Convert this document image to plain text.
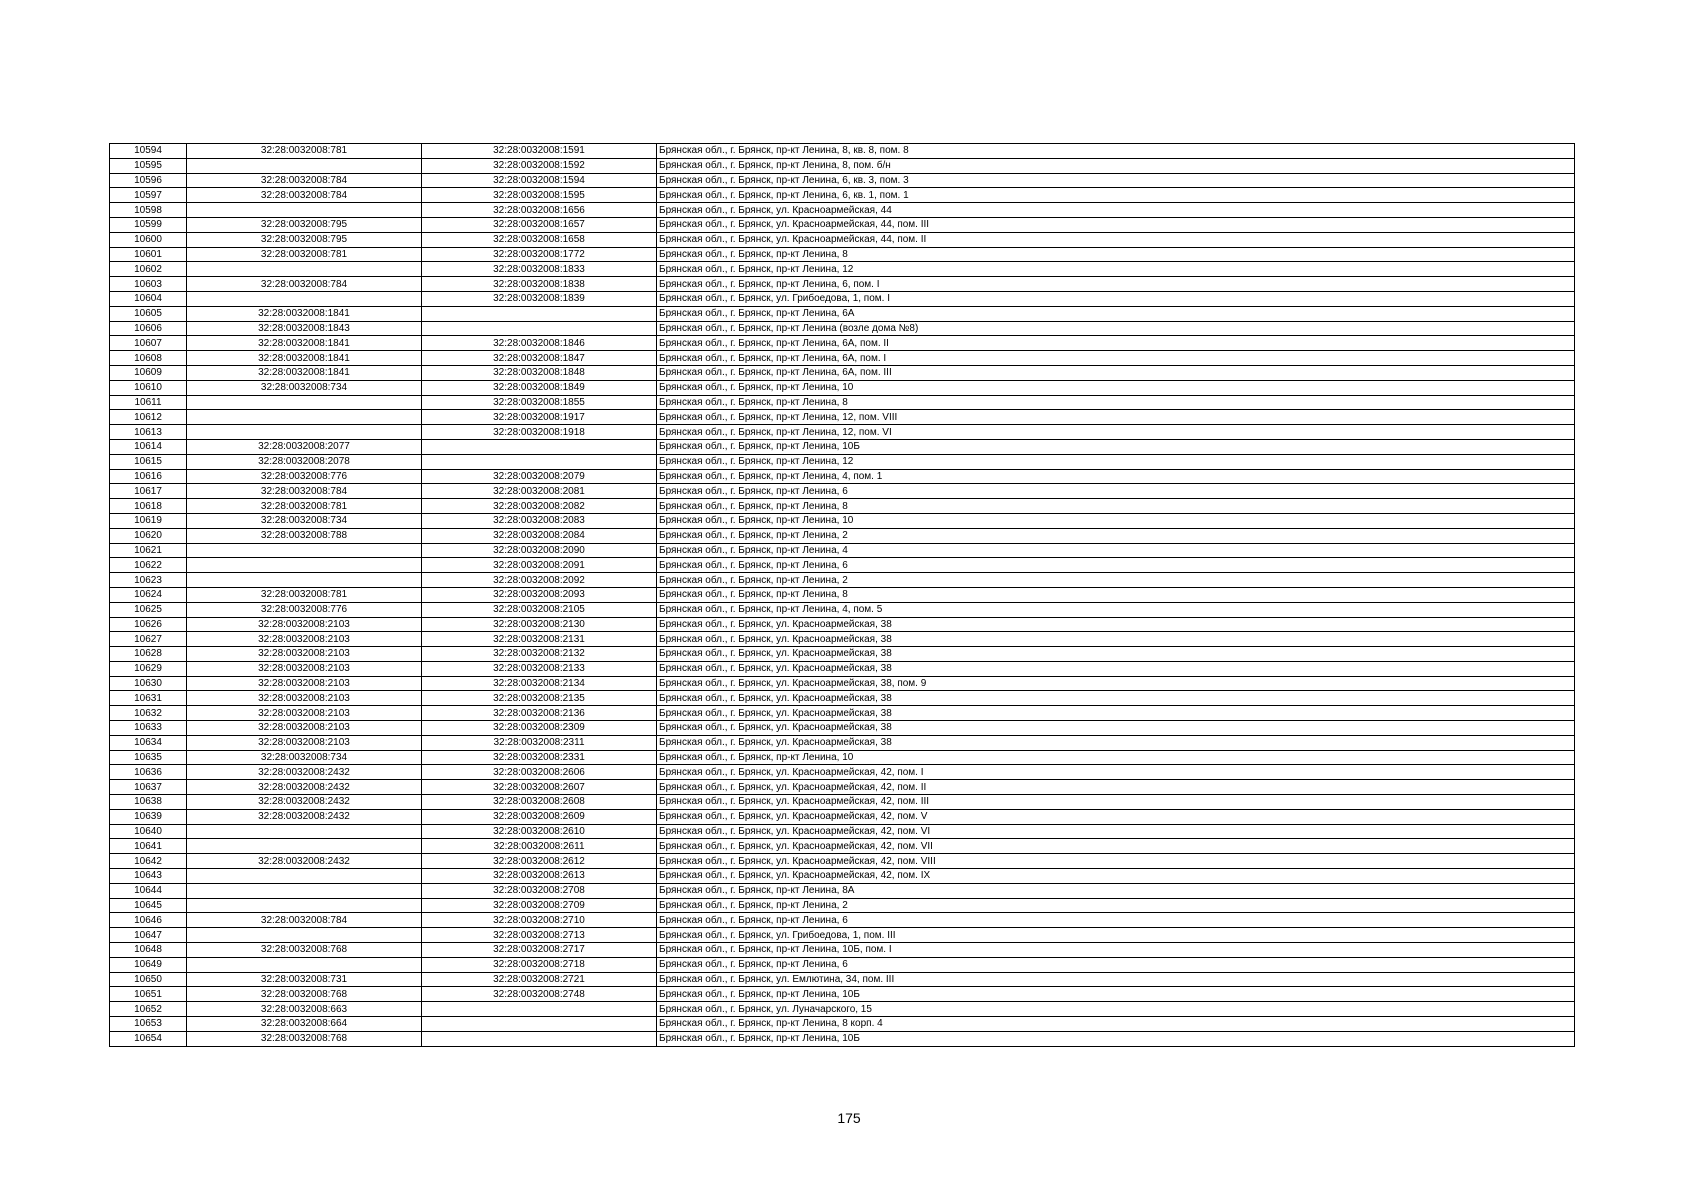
10594	32:28:0032008:781	32:28:0032008:1591	Брянская обл., г. Брянск, пр-кт Ленина, 8, кв. 8, пом. 8
10595		32:28:0032008:1592	Брянская обл., г. Брянск, пр-кт Ленина, 8, пом. б/н
10596	32:28:0032008:784	32:28:0032008:1594	Брянская обл., г. Брянск, пр-кт Ленина, 6, кв. 3, пом. 3
10597	32:28:0032008:784	32:28:0032008:1595	Брянская обл., г. Брянск, пр-кт Ленина, 6, кв. 1, пом. 1
10598		32:28:0032008:1656	Брянская обл., г. Брянск, ул. Красноармейская, 44
10599	32:28:0032008:795	32:28:0032008:1657	Брянская обл., г. Брянск, ул. Красноармейская, 44, пом. III
10600	32:28:0032008:795	32:28:0032008:1658	Брянская обл., г. Брянск, ул. Красноармейская, 44, пом. II
10601	32:28:0032008:781	32:28:0032008:1772	Брянская обл., г. Брянск, пр-кт Ленина, 8
10602		32:28:0032008:1833	Брянская обл., г. Брянск, пр-кт Ленина, 12
10603	32:28:0032008:784	32:28:0032008:1838	Брянская обл., г. Брянск, пр-кт Ленина, 6, пом. I
10604		32:28:0032008:1839	Брянская обл., г. Брянск, ул. Грибоедова, 1, пом. I
10605	32:28:0032008:1841		Брянская обл., г. Брянск, пр-кт Ленина, 6А
10606	32:28:0032008:1843		Брянская обл., г. Брянск, пр-кт Ленина (возле дома №8)
10607	32:28:0032008:1841	32:28:0032008:1846	Брянская обл., г. Брянск, пр-кт Ленина, 6А, пом. II
10608	32:28:0032008:1841	32:28:0032008:1847	Брянская обл., г. Брянск, пр-кт Ленина, 6А, пом. I
10609	32:28:0032008:1841	32:28:0032008:1848	Брянская обл., г. Брянск, пр-кт Ленина, 6А, пом. III
10610	32:28:0032008:734	32:28:0032008:1849	Брянская обл., г. Брянск, пр-кт Ленина, 10
10611		32:28:0032008:1855	Брянская обл., г. Брянск, пр-кт Ленина, 8
10612		32:28:0032008:1917	Брянская обл., г. Брянск, пр-кт Ленина, 12, пом. VIII
10613		32:28:0032008:1918	Брянская обл., г. Брянск, пр-кт Ленина, 12, пом. VI
10614	32:28:0032008:2077		Брянская обл., г. Брянск, пр-кт Ленина, 10Б
10615	32:28:0032008:2078		Брянская обл., г. Брянск, пр-кт Ленина, 12
10616	32:28:0032008:776	32:28:0032008:2079	Брянская обл., г. Брянск, пр-кт Ленина, 4, пом. 1
10617	32:28:0032008:784	32:28:0032008:2081	Брянская обл., г. Брянск, пр-кт Ленина, 6
10618	32:28:0032008:781	32:28:0032008:2082	Брянская обл., г. Брянск, пр-кт Ленина, 8
10619	32:28:0032008:734	32:28:0032008:2083	Брянская обл., г. Брянск, пр-кт Ленина, 10
10620	32:28:0032008:788	32:28:0032008:2084	Брянская обл., г. Брянск, пр-кт Ленина, 2
10621		32:28:0032008:2090	Брянская обл., г. Брянск, пр-кт Ленина, 4
10622		32:28:0032008:2091	Брянская обл., г. Брянск, пр-кт Ленина, 6
10623		32:28:0032008:2092	Брянская обл., г. Брянск, пр-кт Ленина, 2
10624	32:28:0032008:781	32:28:0032008:2093	Брянская обл., г. Брянск, пр-кт Ленина, 8
10625	32:28:0032008:776	32:28:0032008:2105	Брянская обл., г. Брянск, пр-кт Ленина, 4, пом. 5
10626	32:28:0032008:2103	32:28:0032008:2130	Брянская обл., г. Брянск, ул. Красноармейская, 38
10627	32:28:0032008:2103	32:28:0032008:2131	Брянская обл., г. Брянск, ул. Красноармейская, 38
10628	32:28:0032008:2103	32:28:0032008:2132	Брянская обл., г. Брянск, ул. Красноармейская, 38
10629	32:28:0032008:2103	32:28:0032008:2133	Брянская обл., г. Брянск, ул. Красноармейская, 38
10630	32:28:0032008:2103	32:28:0032008:2134	Брянская обл., г. Брянск, ул. Красноармейская, 38, пом. 9
10631	32:28:0032008:2103	32:28:0032008:2135	Брянская обл., г. Брянск, ул. Красноармейская, 38
10632	32:28:0032008:2103	32:28:0032008:2136	Брянская обл., г. Брянск, ул. Красноармейская, 38
10633	32:28:0032008:2103	32:28:0032008:2309	Брянская обл., г. Брянск, ул. Красноармейская, 38
10634	32:28:0032008:2103	32:28:0032008:2311	Брянская обл., г. Брянск, ул. Красноармейская, 38
10635	32:28:0032008:734	32:28:0032008:2331	Брянская обл., г. Брянск, пр-кт Ленина, 10
10636	32:28:0032008:2432	32:28:0032008:2606	Брянская обл., г. Брянск, ул. Красноармейская, 42, пом. I
10637	32:28:0032008:2432	32:28:0032008:2607	Брянская обл., г. Брянск, ул. Красноармейская, 42, пом. II
10638	32:28:0032008:2432	32:28:0032008:2608	Брянская обл., г. Брянск, ул. Красноармейская, 42, пом. III
10639	32:28:0032008:2432	32:28:0032008:2609	Брянская обл., г. Брянск, ул. Красноармейская, 42, пом. V
10640		32:28:0032008:2610	Брянская обл., г. Брянск, ул. Красноармейская, 42, пом. VI
10641		32:28:0032008:2611	Брянская обл., г. Брянск, ул. Красноармейская, 42, пом. VII
10642	32:28:0032008:2432	32:28:0032008:2612	Брянская обл., г. Брянск, ул. Красноармейская, 42, пом. VIII
10643		32:28:0032008:2613	Брянская обл., г. Брянск, ул. Красноармейская, 42, пом. IX
10644		32:28:0032008:2708	Брянская обл., г. Брянск, пр-кт Ленина, 8А
10645		32:28:0032008:2709	Брянская обл., г. Брянск, пр-кт Ленина, 2
10646	32:28:0032008:784	32:28:0032008:2710	Брянская обл., г. Брянск, пр-кт Ленина, 6
10647		32:28:0032008:2713	Брянская обл., г. Брянск, ул. Грибоедова, 1, пом. III
10648	32:28:0032008:768	32:28:0032008:2717	Брянская обл., г. Брянск, пр-кт Ленина, 10Б, пом. I
10649		32:28:0032008:2718	Брянская обл., г. Брянск, пр-кт Ленина, 6
10650	32:28:0032008:731	32:28:0032008:2721	Брянская обл., г. Брянск, ул. Емлютина, 34, пом. III
10651	32:28:0032008:768	32:28:0032008:2748	Брянская обл., г. Брянск, пр-кт Ленина, 10Б
10652	32:28:0032008:663		Брянская обл., г. Брянск, ул. Луначарского, 15
10653	32:28:0032008:664		Брянская обл., г. Брянск, пр-кт Ленина, 8 корп. 4
10654	32:28:0032008:768		Брянская обл., г. Брянск, пр-кт Ленина, 10Б
175
